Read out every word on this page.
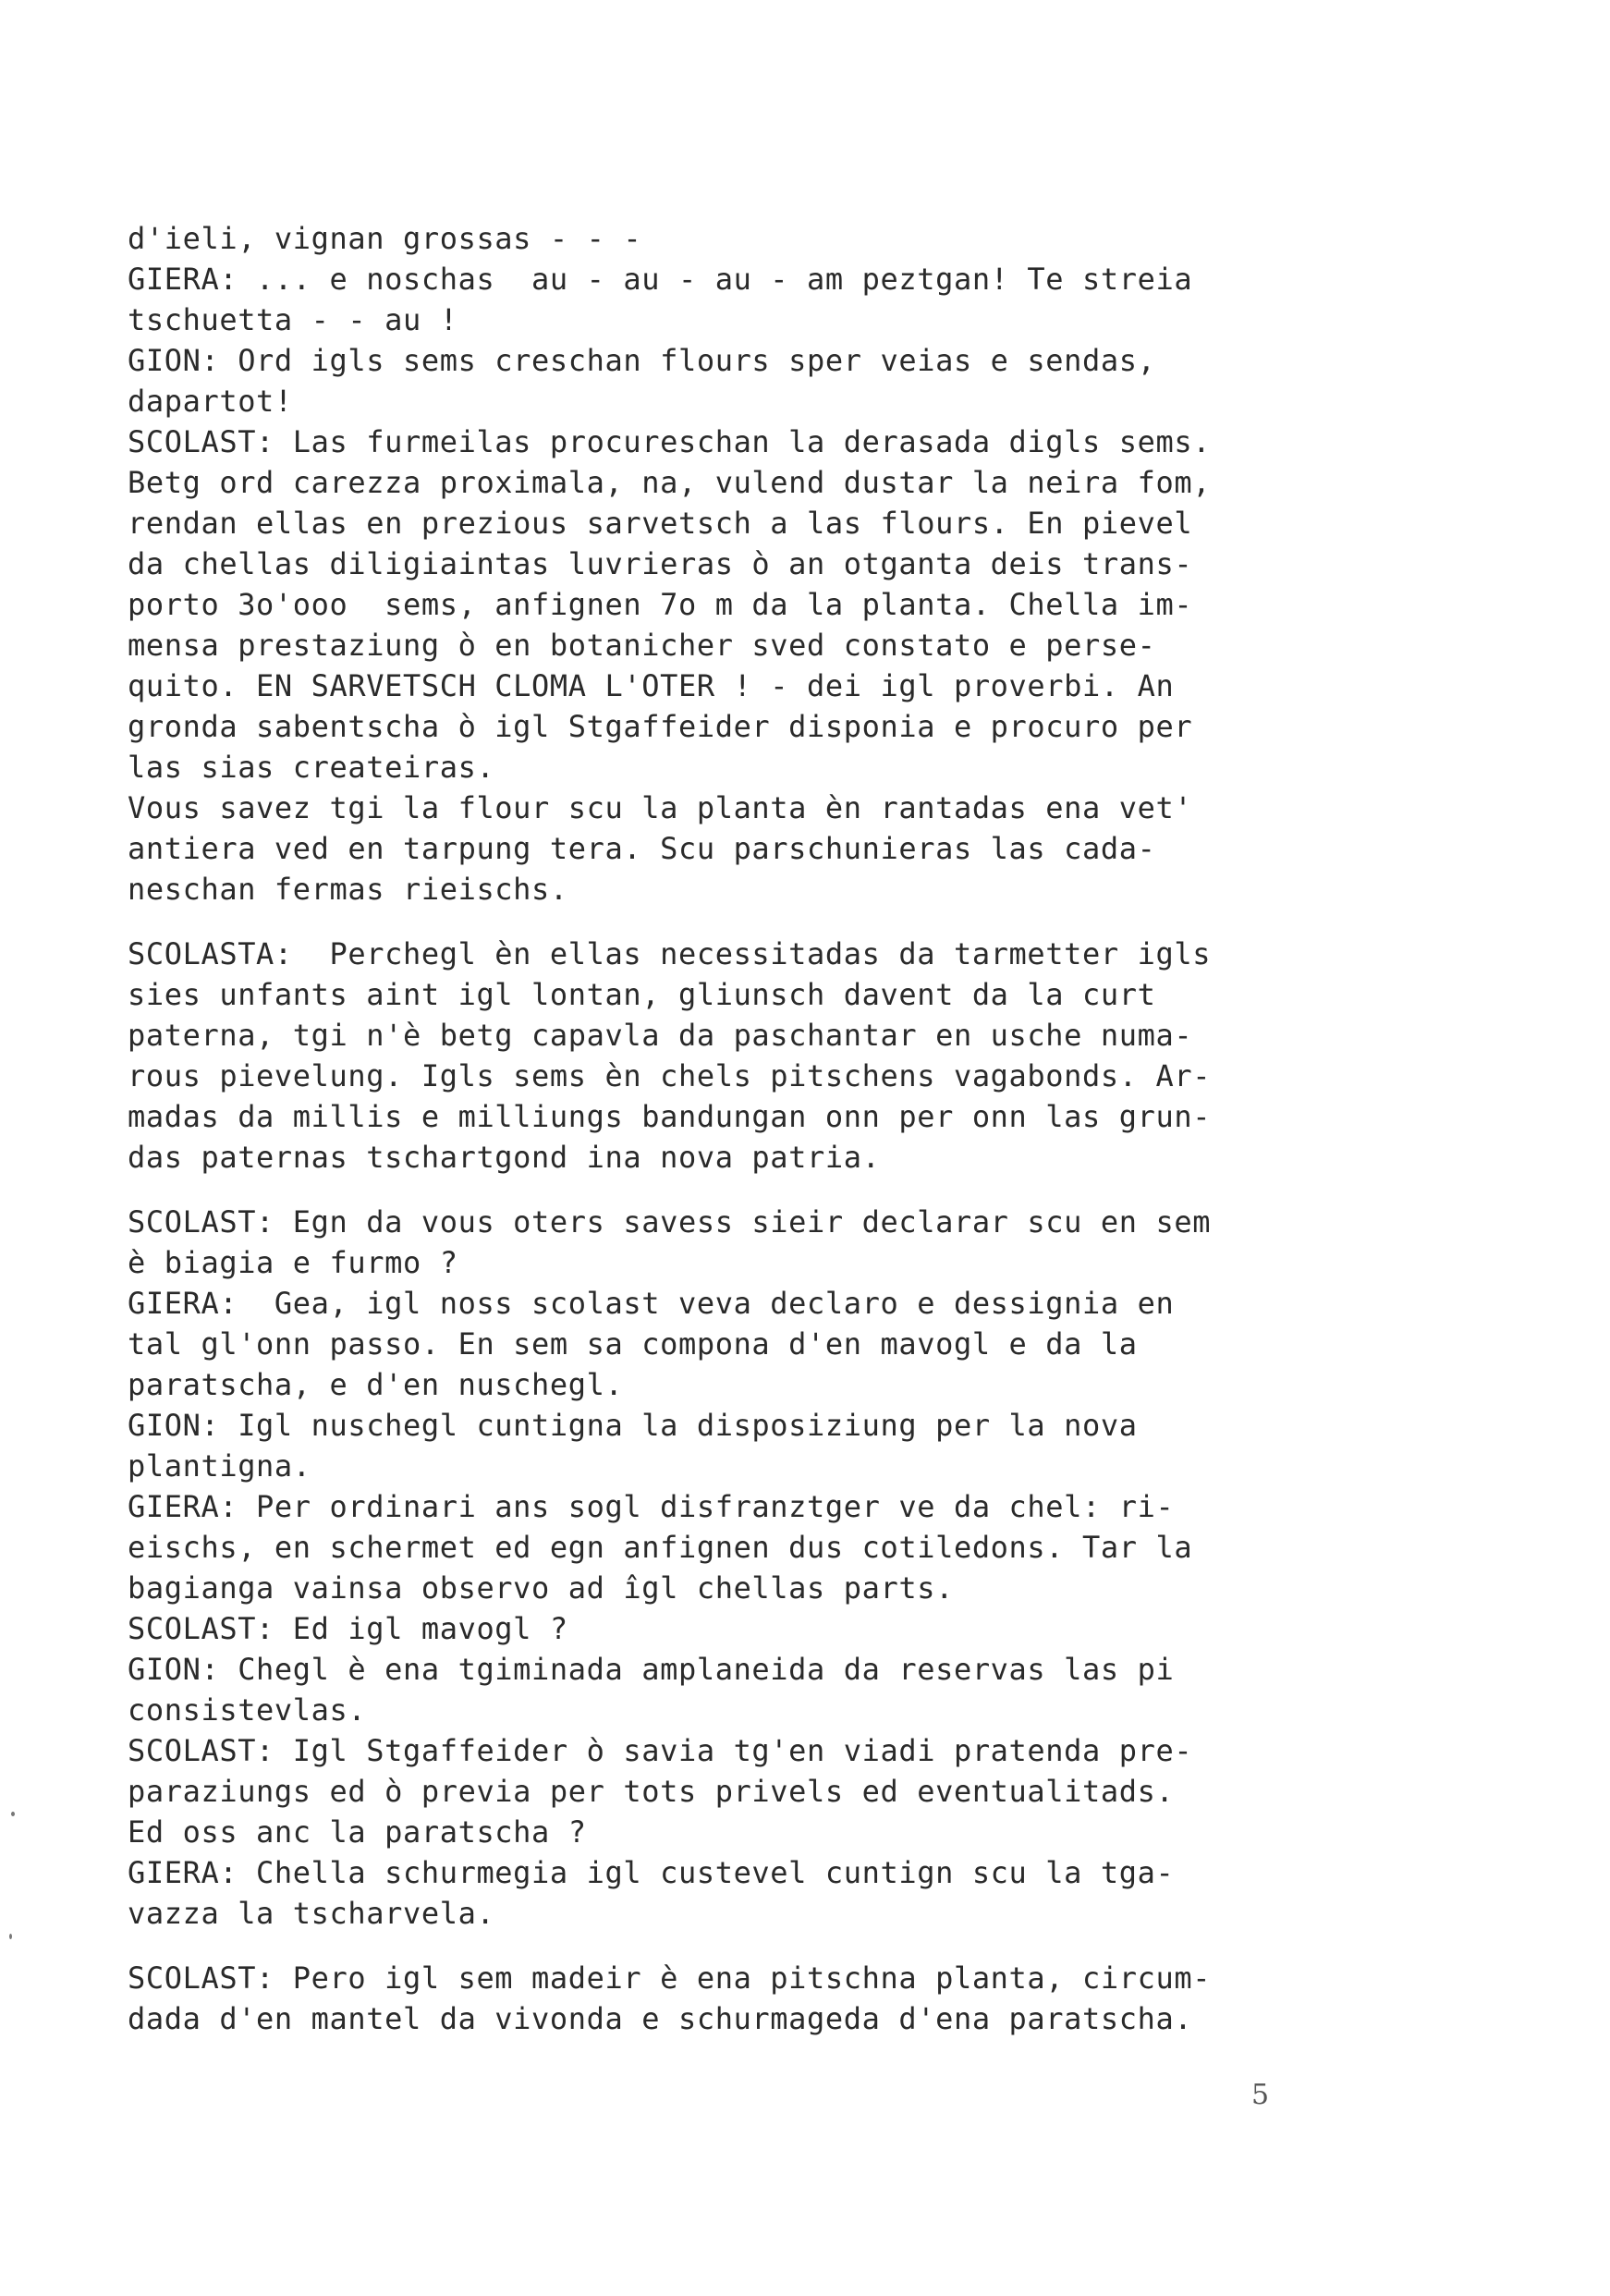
d'ieli, vignan grossas - - -
GIERA: ... e noschas  au - au - au - am peztgan! Te streia
tschuetta - - au !
GION: Ord igls sems creschan flours sper veias e sendas,
dapartot!
SCOLAST: Las furmeilas procureschan la derasada digls sems.
Betg ord carezza proximala, na, vulend dustar la neira fom,
rendan ellas en prezious sarvetsch a las flours. En pievel
da chellas diligiaintas luvrieras ò an otganta deis trans-
porto 3o'ooo  sems, anfignen 7o m da la planta. Chella im-
mensa prestaziung ò en botanicher sved constato e perse-
quito. EN SARVETSCH CLOMA L'OTER ! - dei igl proverbi. An
gronda sabentscha ò igl Stgaffeider disponia e procuro per
las sias createiras.
Vous savez tgi la flour scu la planta èn rantadas ena vet'
antiera ved en tarpung tera. Scu parschunieras las cada-
neschan fermas rieischs.
SCOLASTA:  Perchegl èn ellas necessitadas da tarmetter igls
sies unfants aint igl lontan, gliunsch davent da la curt
paterna, tgi n'è betg capavla da paschantar en usche numa-
rous pievelung. Igls sems èn chels pitschens vagabonds. Ar-
madas da millis e milliungs bandungan onn per onn las grun-
das paternas tschartgond ina nova patria.
SCOLAST: Egn da vous oters savess sieir declarar scu en sem
è biagia e furmo ?
GIERA:  Gea, igl noss scolast veva declaro e dessignia en
tal gl'onn passo. En sem sa compona d'en mavogl e da la
paratscha, e d'en nuschegl.
GION: Igl nuschegl cuntigna la disposiziung per la nova
plantigna.
GIERA: Per ordinari ans sogl disfranztger ve da chel: ri-
eischs, en schermet ed egn anfignen dus cotiledons. Tar la
bagianga vainsa observo ad îgl chellas parts.
SCOLAST: Ed igl mavogl ?
GION: Chegl è ena tgiminada amplaneida da reservas las pi
consistevlas.
SCOLAST: Igl Stgaffeider ò savia tg'en viadi pratenda pre-
paraziungs ed ò previa per tots privels ed eventualitads.
Ed oss anc la paratscha ?
GIERA: Chella schurmegia igl custevel cuntign scu la tga-
vazza la tscharvela.
SCOLAST: Pero igl sem madeir è ena pitschna planta, circum-
dada d'en mantel da vivonda e schurmageda d'ena paratscha.
5
